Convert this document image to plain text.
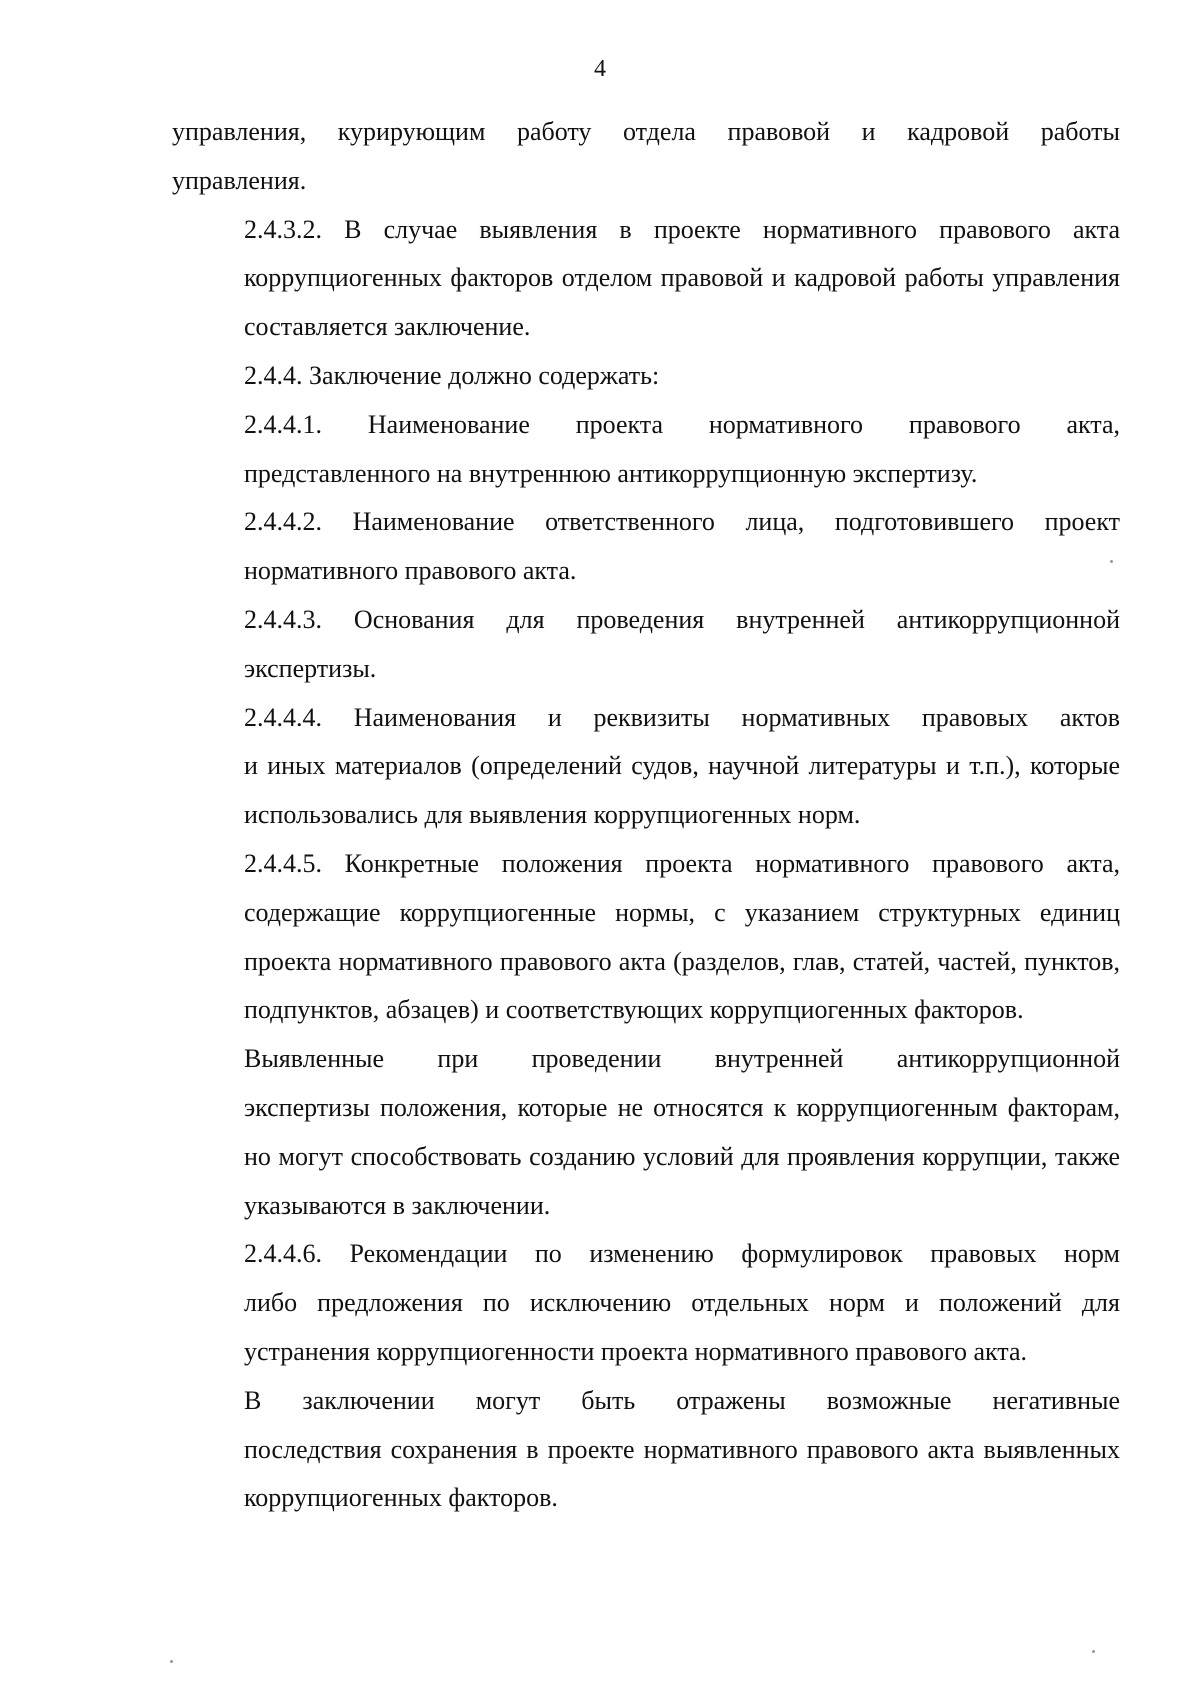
4

управления, курирующим работу отдела правовой и кадровой работы
управления.

2.4.3.2. В случае выявления в проекте нормативного правового акта
коррупциогенных факторов отделом правовой и кадровой работы управления
составляется заключение.

2.4.4. Заключение должно содержать:

2.4.4.1. Наименование проекта нормативного правового акта,
представленного на внутреннюю антикоррупционную экспертизу.

2.4.4.2. Наименование ответственного лица, подготовившего проект
нормативного правового акта.

2.4.4.3. Основания для проведения внутренней антикоррупционной
экспертизы.

2.4.4.4. Наименования и реквизиты нормативных правовых актов
и иных материалов (определений судов, научной литературы и т.п.), которые
использовались для выявления коррупциогенных норм.

2.4.4.5. Конкретные положения проекта нормативного правового акта,
содержащие коррупциогенные нормы, с указанием структурных единиц
проекта нормативного правового акта (разделов, глав, статей, частей, пунктов,
подпунктов, абзацев) и соответствующих коррупциогенных факторов.

Выявленные при проведении внутренней антикоррупционной
экспертизы положения, которые не относятся к коррупциогенным факторам,
но могут способствовать созданию условий для проявления коррупции, также
указываются в заключении.

2.4.4.6. Рекомендации по изменению формулировок правовых норм
либо предложения по исключению отдельных норм и положений для
устранения коррупциогенности проекта нормативного правового акта.

В заключении могут быть отражены возможные негативные
последствия сохранения в проекте нормативного правового акта выявленных
коррупциогенных факторов.
